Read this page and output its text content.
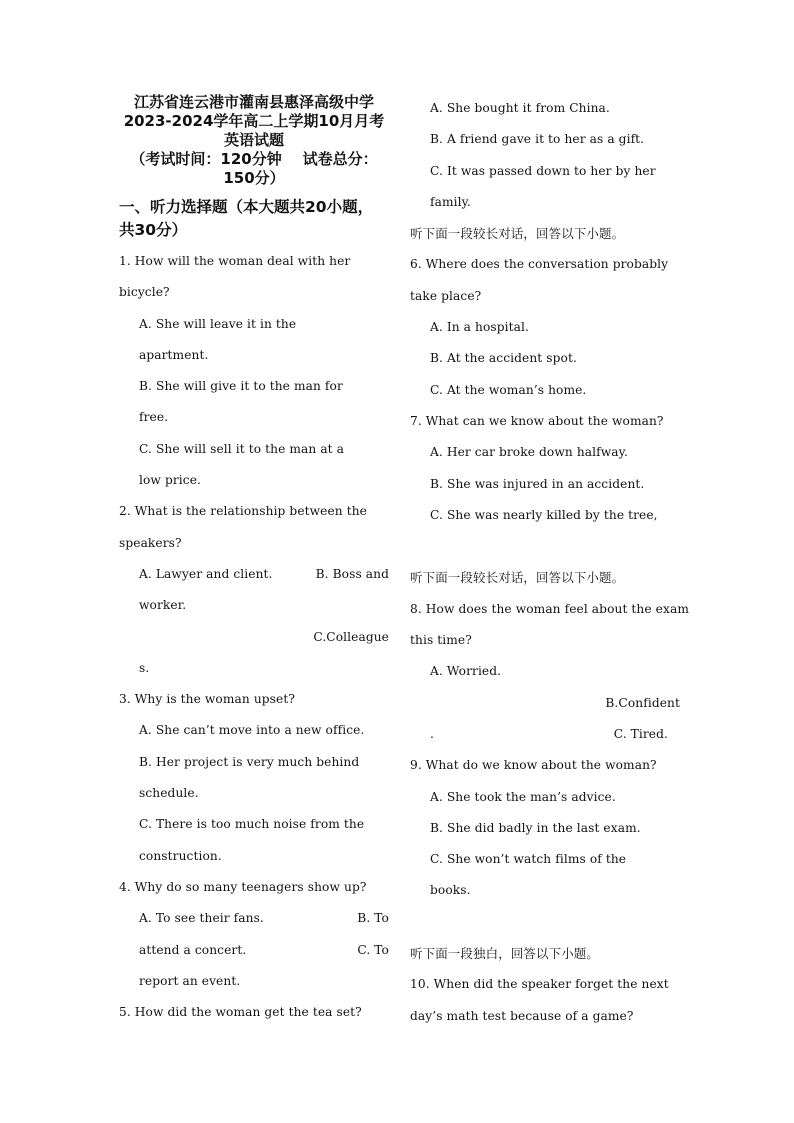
江苏省连云港市灌南县惠泽高级中学
2023-2024学年高二上学期10月月考
英语试题
（考试时间：120分钟    试卷总分：
150分）
一、听力选择题（本大题共20小题，
共30分）
1. How will the woman deal with her
bicycle?
A. She will leave it in the
apartment.
B. She will give it to the man for
free.
C. She will sell it to the man at a
low price.
2. What is the relationship between the
speakers?
A. Lawyer and client.	B. Boss and
worker.
C.Colleague
s.
3. Why is the woman upset?
A. She can’t move into a new office.
B. Her project is very much behind
schedule.
C. There is too much noise from the
construction.
4. Why do so many teenagers show up?
A. To see their fans.	B. To
attend a concert.	C. To
report an event.
5. How did the woman get the tea set?
A. She bought it from China.
B. A friend gave it to her as a gift.
C. It was passed down to her by her
family.
听下面一段较长对话，回答以下小题。
6. Where does the conversation probably
take place?
A. In a hospital.
B. At the accident spot.
C. At the woman’s home.
7. What can we know about the woman?
A. Her car broke down halfway.
B. She was injured in an accident.
C. She was nearly killed by the tree,
听下面一段较长对话，回答以下小题。
8. How does the woman feel about the exam
this time?
A. Worried.
B.Confident
.	C. Tired.
9. What do we know about the woman?
A. She took the man’s advice.
B. She did badly in the last exam.
C. She won’t watch films of the
books.
听下面一段独白，回答以下小题。
10. When did the speaker forget the next
day’s math test because of a game?
